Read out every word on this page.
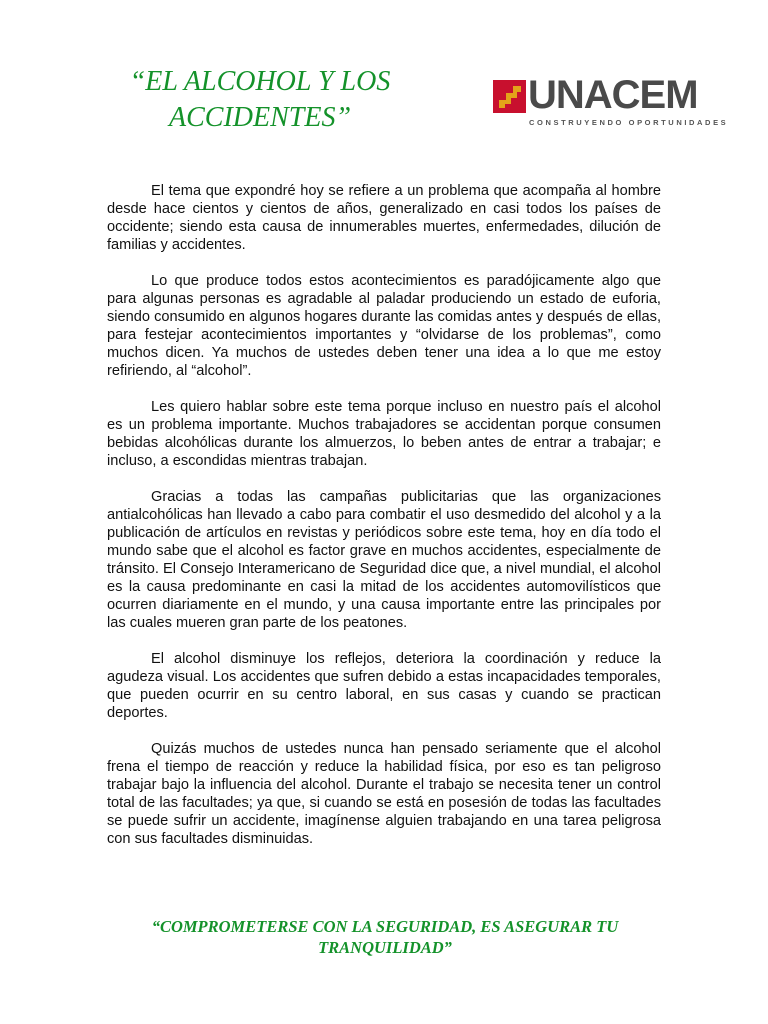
“EL ALCOHOL Y LOS
ACCIDENTES”
UNACEM
CONSTRUYENDO OPORTUNIDADES

El tema que expondré hoy se refiere a un problema que acompaña al hombre desde hace cientos y cientos de años, generalizado en casi todos los países de occidente; siendo esta causa de innumerables muertes, enfermedades, dilución de familias y accidentes.

Lo que produce todos estos acontecimientos es paradójicamente algo que para algunas personas es agradable al paladar produciendo un estado de euforia, siendo consumido en algunos hogares durante las comidas antes y después de ellas, para festejar acontecimientos importantes y “olvidarse de los problemas”, como muchos dicen. Ya muchos de ustedes deben tener una idea a lo que me estoy refiriendo, al “alcohol”.

Les quiero hablar sobre este tema porque incluso en nuestro país el alcohol es un problema importante. Muchos trabajadores se accidentan porque consumen bebidas alcohólicas durante los almuerzos, lo beben antes de entrar a trabajar; e incluso, a escondidas mientras trabajan.

Gracias a todas las campañas publicitarias que las organizaciones antialcohólicas han llevado a cabo para combatir el uso desmedido del alcohol y a la publicación de artículos en revistas y periódicos sobre este tema, hoy en día todo el mundo sabe que el alcohol es factor grave en muchos accidentes, especialmente de tránsito. El Consejo Interamericano de Seguridad dice que, a nivel mundial, el alcohol es la causa predominante en casi la mitad de los accidentes automovilísticos que ocurren diariamente en el mundo, y una causa importante entre las principales por las cuales mueren gran parte de los peatones.

El alcohol disminuye los reflejos, deteriora la coordinación y reduce la agudeza visual. Los accidentes que sufren debido a estas incapacidades temporales, que pueden ocurrir en su centro laboral, en sus casas y cuando se practican deportes.

Quizás muchos de ustedes nunca han pensado seriamente que el alcohol frena el tiempo de reacción y reduce la habilidad física, por eso es tan peligroso trabajar bajo la influencia del alcohol. Durante el trabajo se necesita tener un control total de las facultades; ya que, si cuando se está en posesión de todas las facultades se puede sufrir un accidente, imagínense alguien trabajando en una tarea peligrosa con sus facultades disminuidas.

“COMPROMETERSE CON LA SEGURIDAD, ES ASEGURAR TU
TRANQUILIDAD”
